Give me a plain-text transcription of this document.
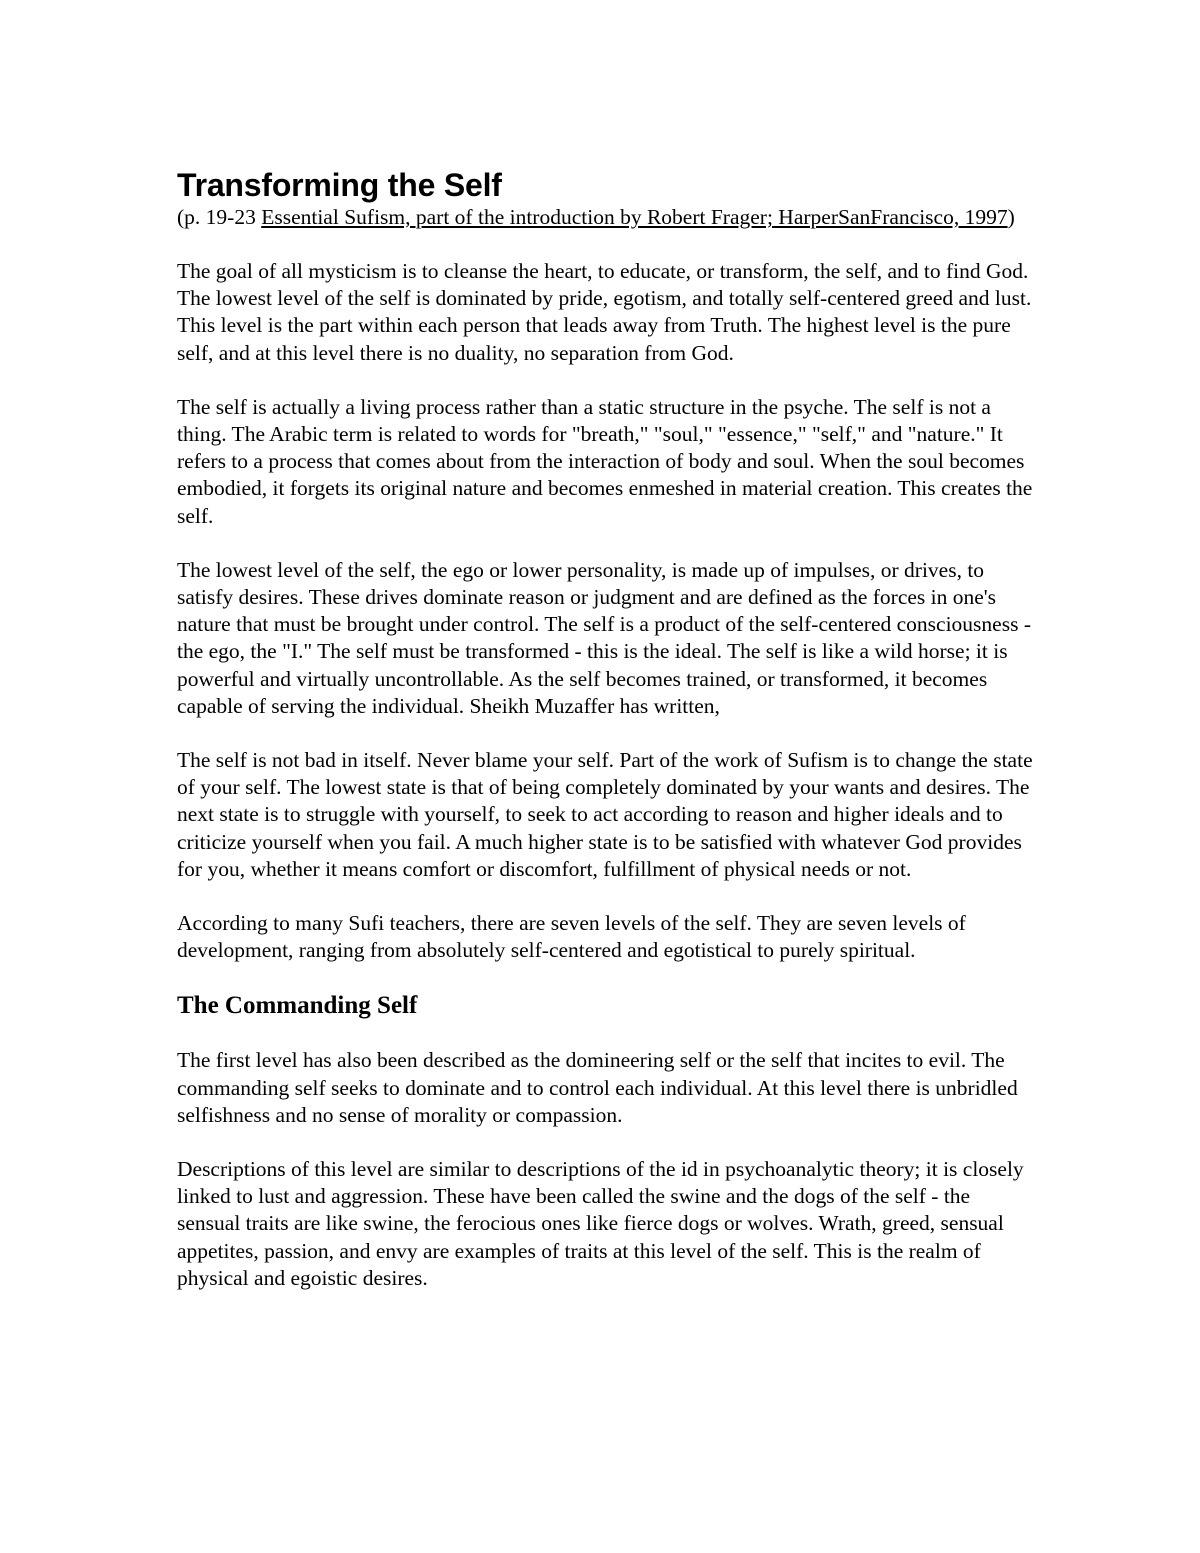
Transforming the Self
(p. 19-23 Essential Sufism, part of the introduction by Robert Frager; HarperSanFrancisco, 1997)

The goal of all mysticism is to cleanse the heart, to educate, or transform, the self, and to find God. The lowest level of the self is dominated by pride, egotism, and totally self-centered greed and lust. This level is the part within each person that leads away from Truth. The highest level is the pure self, and at this level there is no duality, no separation from God.

The self is actually a living process rather than a static structure in the psyche. The self is not a thing. The Arabic term is related to words for "breath," "soul," "essence," "self," and "nature." It refers to a process that comes about from the interaction of body and soul. When the soul becomes embodied, it forgets its original nature and becomes enmeshed in material creation. This creates the self.

The lowest level of the self, the ego or lower personality, is made up of impulses, or drives, to satisfy desires. These drives dominate reason or judgment and are defined as the forces in one's nature that must be brought under control. The self is a product of the self-centered consciousness - the ego, the "I." The self must be transformed - this is the ideal. The self is like a wild horse; it is powerful and virtually uncontrollable. As the self becomes trained, or transformed, it becomes capable of serving the individual. Sheikh Muzaffer has written,

The self is not bad in itself. Never blame your self. Part of the work of Sufism is to change the state of your self. The lowest state is that of being completely dominated by your wants and desires. The next state is to struggle with yourself, to seek to act according to reason and higher ideals and to criticize yourself when you fail. A much higher state is to be satisfied with whatever God provides for you, whether it means comfort or discomfort, fulfillment of physical needs or not.

According to many Sufi teachers, there are seven levels of the self. They are seven levels of development, ranging from absolutely self-centered and egotistical to purely spiritual.

The Commanding Self

The first level has also been described as the domineering self or the self that incites to evil. The commanding self seeks to dominate and to control each individual. At this level there is unbridled selfishness and no sense of morality or compassion.

Descriptions of this level are similar to descriptions of the id in psychoanalytic theory; it is closely linked to lust and aggression. These have been called the swine and the dogs of the self - the sensual traits are like swine, the ferocious ones like fierce dogs or wolves. Wrath, greed, sensual appetites, passion, and envy are examples of traits at this level of the self. This is the realm of physical and egoistic desires.
